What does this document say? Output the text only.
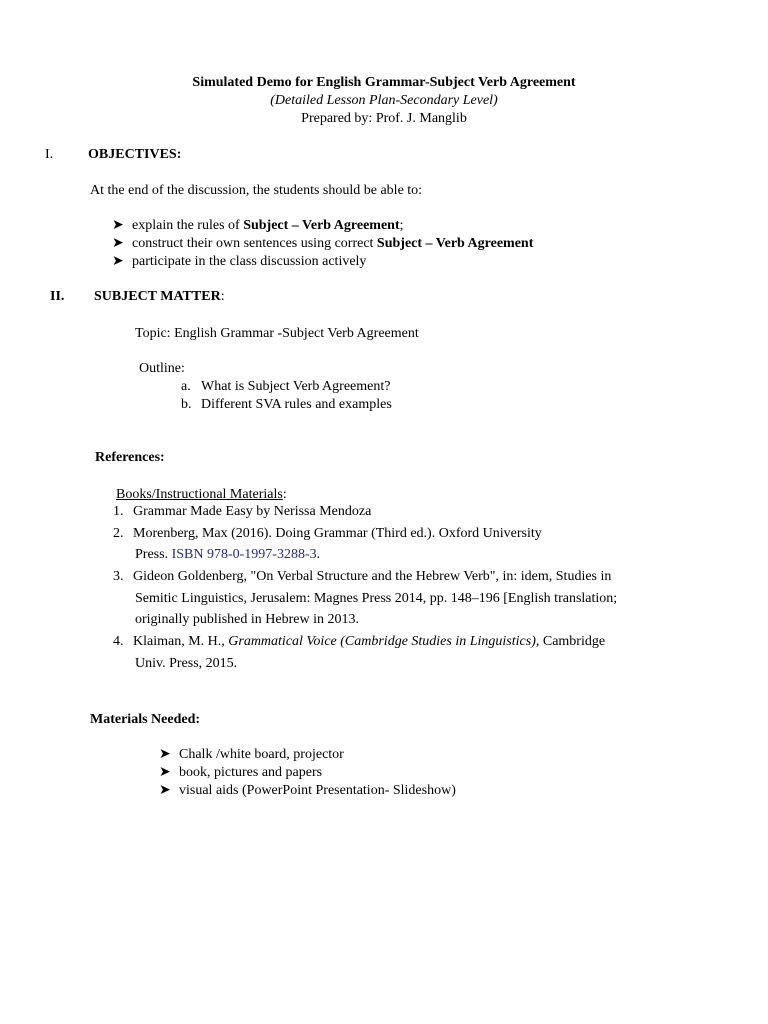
Simulated Demo for English Grammar-Subject Verb Agreement
(Detailed Lesson Plan-Secondary Level)
Prepared by: Prof. J. Manglib
I. OBJECTIVES:
At the end of the discussion, the students should be able to:
➤ explain the rules of Subject – Verb Agreement;
➤ construct their own sentences using correct Subject – Verb Agreement
➤ participate in the class discussion actively
II. SUBJECT MATTER:
Topic: English Grammar -Subject Verb Agreement
Outline:
a. What is Subject Verb Agreement?
b. Different SVA rules and examples
References:
Books/Instructional Materials:
1. Grammar Made Easy by Nerissa Mendoza
2. Morenberg, Max (2016). Doing Grammar (Third ed.). Oxford University
Press. ISBN 978-0-1997-3288-3.
3. Gideon Goldenberg, "On Verbal Structure and the Hebrew Verb", in: idem, Studies in
Semitic Linguistics, Jerusalem: Magnes Press 2014, pp. 148–196 [English translation;
originally published in Hebrew in 2013.
4. Klaiman, M. H., Grammatical Voice (Cambridge Studies in Linguistics), Cambridge
Univ. Press, 2015.
Materials Needed:
➤ Chalk /white board, projector
➤ book, pictures and papers
➤ visual aids (PowerPoint Presentation- Slideshow)
